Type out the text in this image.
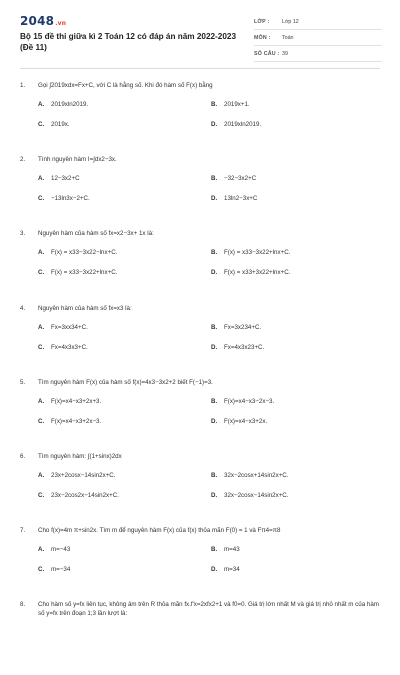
2048.vn
Bộ 15 đề thi giữa kì 2 Toán 12 có đáp án năm 2022-2023 (Đề 11)
LỚP :	Lớp 12
MÔN :	Toán
SỐ CÂU : 39
1.	Gọi ∫2019xdx=Fx+C, với C là hằng số. Khi đó hàm số F(x) bằng
A.	2019xln2019.	B.	2019x+1.
C.	2019x.	D.	2019xln2019.
2.	Tính nguyên hàm I=∫dx2−3x.
A.	12−3x2+C	B.	−32−3x2+C
C.	−13ln3x−2+C.	D.	13ln2−3x+C
3.	Nguyên hàm của hàm số fx=x2−3x+ 1x là:
A.	F(x) = x33−3x22−lnx+C.	B.	F(x) = x33−3x22+lnx+C.
C.	F(x) = x33−3x22+lnx+C.	D.	F(x) = x33+3x22+lnx+C.
4.	Nguyên hàm của hàm số fx=x3 là:
A.	Fx=3xx34+C.	B.	Fx=3x234+C.
C.	Fx=4x3x3+C.	D.	Fx=4x3x23+C.
5.	Tìm nguyên hàm F(x) của hàm số f(x)=4x3−3x2+2 biết F(−1)=3.
A.	F(x)=x4−x3+2x+3.	B.	F(x)=x4−x3−2x−3.
C.	F(x)=x4−x3+2x−3.	D.	F(x)=x4−x3+2x.
6.	Tìm nguyên hàm: ∫(1+sinx)2dx
A.	23x+2cosx−14sin2x+C.	B.	32x−2cosx+14sin2x+C.
C.	23x−2cos2x−14sin2x+C.	D.	32x−2cosx−14sin2x+C.
7.	Cho f(x)=4m π+sin2x. Tìm m để nguyên hàm F(x) của f(x) thỏa mãn F(0) = 1 và Fπ4=π8
A.	m=−43	B.	m=43
C.	m=−34	D.	m=34
8.	Cho hàm số y=fx liên tục, không âm trên R thỏa mãn fx.f'x=2xfx2+1 và f0=0. Giá trị lớn nhất M và giá trị nhỏ nhất m của hàm số y=fx trên đoạn 1;3 lần lượt là:
